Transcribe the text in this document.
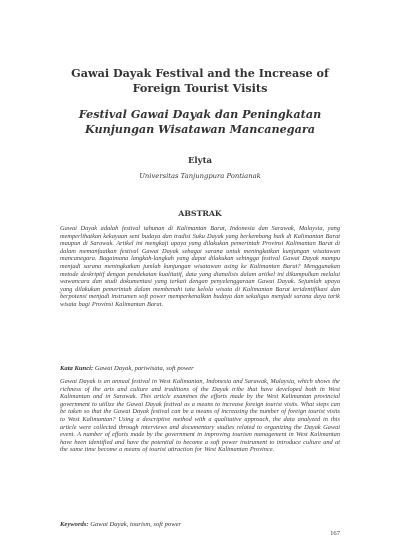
Gawai Dayak Festival and the Increase of Foreign Tourist Visits
Festival Gawai Dayak dan Peningkatan Kunjungan Wisatawan Mancanegara
Elyta
Universitas Tanjungpura Pontianak
ABSTRAK
Gawai Dayak adalah festival tahunan di Kalimantan Barat, Indonesia dan Sarawak, Malaysia, yang memperlihatkan kekayaan seni budaya dan tradisi Suku Dayak yang berkembang baik di Kalimantan Barat maupun di Sarawak. Artikel ini mengkaji upaya yang dilakukan pemerintah Provinsi Kalimantan Barat di dalam memanfaatkan festival Gawai Dayak sebagai sarana untuk meningkatkan kunjungan wisatawan mancanegara. Bagaimana langkah-langkah yang dapat dilakukan sehingga festival Gawai Dayak mampu menjadi sarana meningkatkan jumlah kunjungan wisatawan asing ke Kalimantan Barat? Menggunakan metode deskriptif dengan pendekatan kualitatif, data yang dianalisis dalam artikel ini dikumpulkan melalui wawancara dan studi dokumentasi yang terkait dengan penyelenggaraan Gawai Dayak. Sejumlah upaya yang dilakukan pemerintah dalam membenahi tata kelola wisata di Kalimantan Barat teridentifikasi dan berpotensi menjadi instrumen soft power memperkenalkan budaya dan sekaligus menjadi sarana daya tarik wisata bagi Provinsi Kalimantan Barat.
Kata Kunci: Gawai Dayak, pariwisata, soft power
Gawai Dayak is an annual festival in West Kalimantan, Indonesia and Sarawak, Malaysia, which shows the richness of the arts and culture and traditions of the Dayak tribe that have developed both in West Kalimantan and in Sarawak. This article examines the efforts made by the West Kalimantan provincial government to utilize the Gawai Dayak festival as a means to increase foreign tourist visits. What steps can be taken so that the Gawai Dayak festival can be a means of increasing the number of foreign tourist visits to West Kalimantan? Using a descriptive method with a qualitative approach, the data analyzed in this article were collected through interviews and documentary studies related to organizing the Dayak Gawai event. A number of efforts made by the government in improving tourism management in West Kalimantan have been identified and have the potential to become a soft power instrument to introduce culture and at the same time become a means of tourist attraction for West Kalimantan Province.
Keywords: Gawai Dayak, tourism, soft power
167
